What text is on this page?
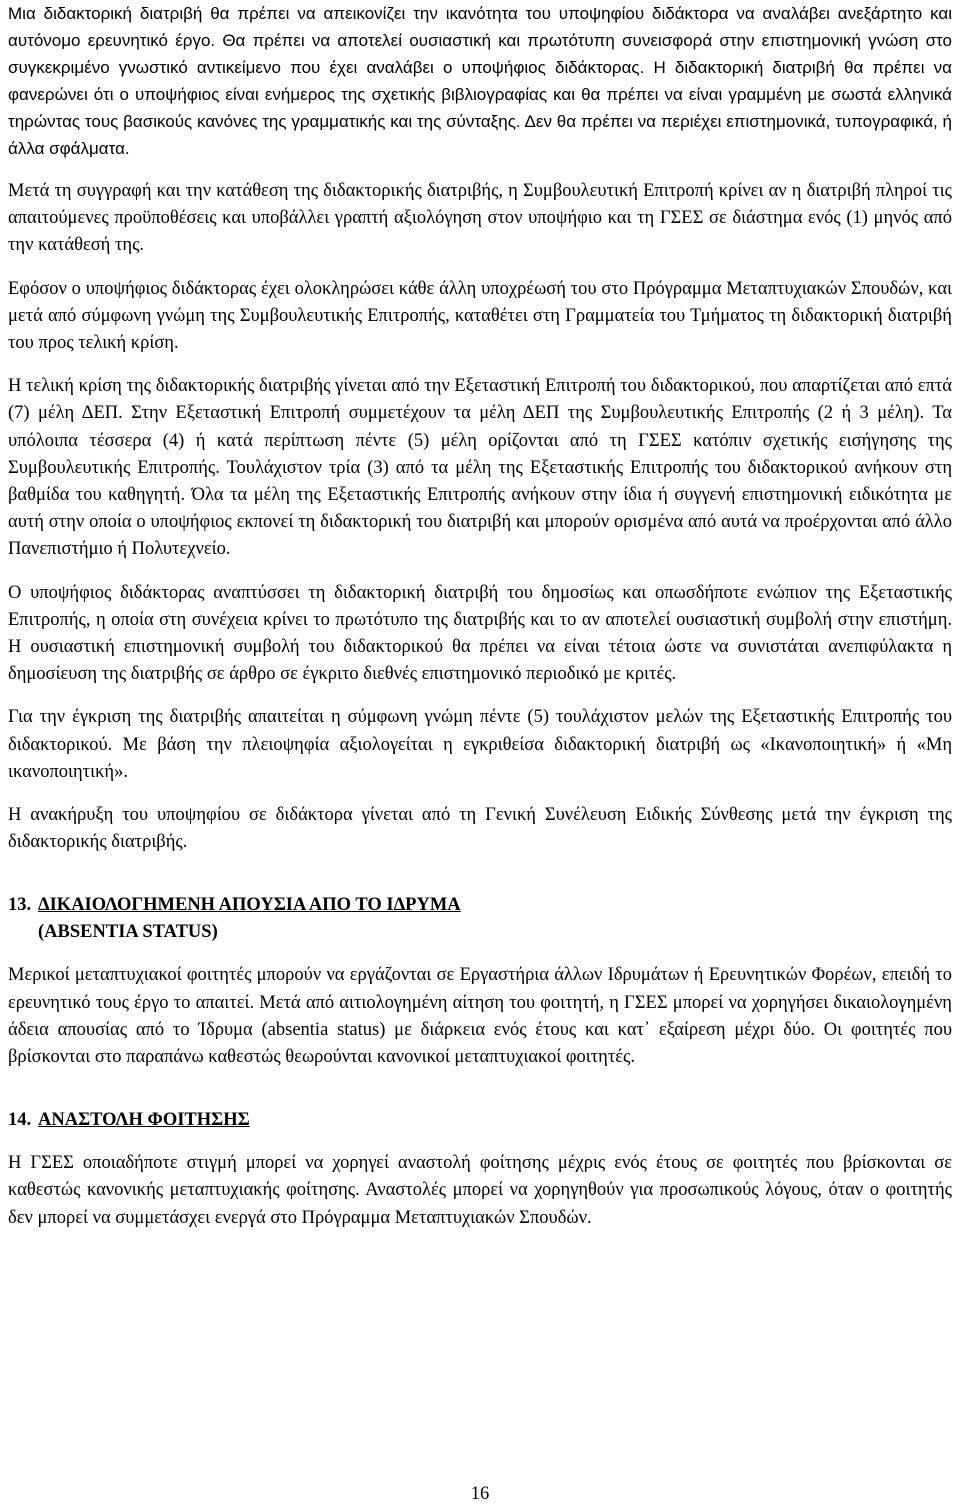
Μια διδακτορική διατριβή θα πρέπει να απεικονίζει την ικανότητα του υποψηφίου διδάκτορα να αναλάβει ανεξάρτητο και αυτόνομο ερευνητικό έργο. Θα πρέπει να αποτελεί ουσιαστική και πρωτότυπη συνεισφορά στην επιστημονική γνώση στο συγκεκριμένο γνωστικό αντικείμενο που έχει αναλάβει ο υποψήφιος διδάκτορας. Η διδακτορική διατριβή θα πρέπει να φανερώνει ότι ο υποψήφιος είναι ενήμερος της σχετικής βιβλιογραφίας και θα πρέπει να είναι γραμμένη με σωστά ελληνικά τηρώντας τους βασικούς κανόνες της γραμματικής και της σύνταξης. Δεν θα πρέπει να περιέχει επιστημονικά, τυπογραφικά, ή άλλα σφάλματα.

Μετά τη συγγραφή και την κατάθεση της διδακτορικής διατριβής, η Συμβουλευτική Επιτροπή κρίνει αν η διατριβή πληροί τις απαιτούμενες προϋποθέσεις και υποβάλλει γραπτή αξιολόγηση στον υποψήφιο και τη ΓΣΕΣ σε διάστημα ενός (1) μηνός από την κατάθεσή της.

Εφόσον ο υποψήφιος διδάκτορας έχει ολοκληρώσει κάθε άλλη υποχρέωσή του στο Πρόγραμμα Μεταπτυχιακών Σπουδών, και μετά από σύμφωνη γνώμη της Συμβουλευτικής Επιτροπής, καταθέτει στη Γραμματεία του Τμήματος τη διδακτορική διατριβή του προς τελική κρίση.

Η τελική κρίση της διδακτορικής διατριβής γίνεται από την Εξεταστική Επιτροπή του διδακτορικού, που απαρτίζεται από επτά (7) μέλη ΔΕΠ. Στην Εξεταστική Επιτροπή συμμετέχουν τα μέλη ΔΕΠ της Συμβουλευτικής Επιτροπής (2 ή 3 μέλη). Τα υπόλοιπα τέσσερα (4) ή κατά περίπτωση πέντε (5) μέλη ορίζονται από τη ΓΣΕΣ κατόπιν σχετικής εισήγησης της Συμβουλευτικής Επιτροπής. Τουλάχιστον τρία (3) από τα μέλη της Εξεταστικής Επιτροπής του διδακτορικού ανήκουν στη βαθμίδα του καθηγητή. Όλα τα μέλη της Εξεταστικής Επιτροπής ανήκουν στην ίδια ή συγγενή επιστημονική ειδικότητα με αυτή στην οποία ο υποψήφιος εκπονεί τη διδακτορική του διατριβή και μπορούν ορισμένα από αυτά να προέρχονται από άλλο Πανεπιστήμιο ή Πολυτεχνείο.

Ο υποψήφιος διδάκτορας αναπτύσσει τη διδακτορική διατριβή του δημοσίως και οπωσδήποτε ενώπιον της Εξεταστικής Επιτροπής, η οποία στη συνέχεια κρίνει το πρωτότυπο της διατριβής και το αν αποτελεί ουσιαστική συμβολή στην επιστήμη. Η ουσιαστική επιστημονική συμβολή του διδακτορικού θα πρέπει να είναι τέτοια ώστε να συνιστάται ανεπιφύλακτα η δημοσίευση της διατριβής σε άρθρο σε έγκριτο διεθνές επιστημονικό περιοδικό με κριτές.

Για την έγκριση της διατριβής απαιτείται η σύμφωνη γνώμη πέντε (5) τουλάχιστον μελών της Εξεταστικής Επιτροπής του διδακτορικού. Με βάση την πλειοψηφία αξιολογείται η εγκριθείσα διδακτορική διατριβή ως «Ικανοποιητική» ή «Μη ικανοποιητική».

Η ανακήρυξη του υποψηφίου σε διδάκτορα γίνεται από τη Γενική Συνέλευση Ειδικής Σύνθεσης μετά την έγκριση της διδακτορικής διατριβής.

13. ΔΙΚΑΙΟΛΟΓΗΜΕΝΗ ΑΠΟΥΣΙΑ ΑΠΟ ΤΟ ΙΔΡΥΜΑ

(ABSENTIA STATUS)

Μερικοί μεταπτυχιακοί φοιτητές μπορούν να εργάζονται σε Εργαστήρια άλλων Ιδρυμάτων ή Ερευνητικών Φορέων, επειδή το ερευνητικό τους έργο το απαιτεί. Μετά από αιτιολογημένη αίτηση του φοιτητή, η ΓΣΕΣ μπορεί να χορηγήσει δικαιολογημένη άδεια απουσίας από το Ίδρυμα (absentia status) με διάρκεια ενός έτους και κατ᾿ εξαίρεση μέχρι δύο. Οι φοιτητές που βρίσκονται στο παραπάνω καθεστώς θεωρούνται κανονικοί μεταπτυχιακοί φοιτητές.

14. ΑΝΑΣΤΟΛΗ ΦΟΙΤΗΣΗΣ

Η ΓΣΕΣ οποιαδήποτε στιγμή μπορεί να χορηγεί αναστολή φοίτησης μέχρις ενός έτους σε φοιτητές που βρίσκονται σε καθεστώς κανονικής μεταπτυχιακής φοίτησης. Αναστολές μπορεί να χορηγηθούν για προσωπικούς λόγους, όταν ο φοιτητής δεν μπορεί να συμμετάσχει ενεργά στο Πρόγραμμα Μεταπτυχιακών Σπουδών.

16
